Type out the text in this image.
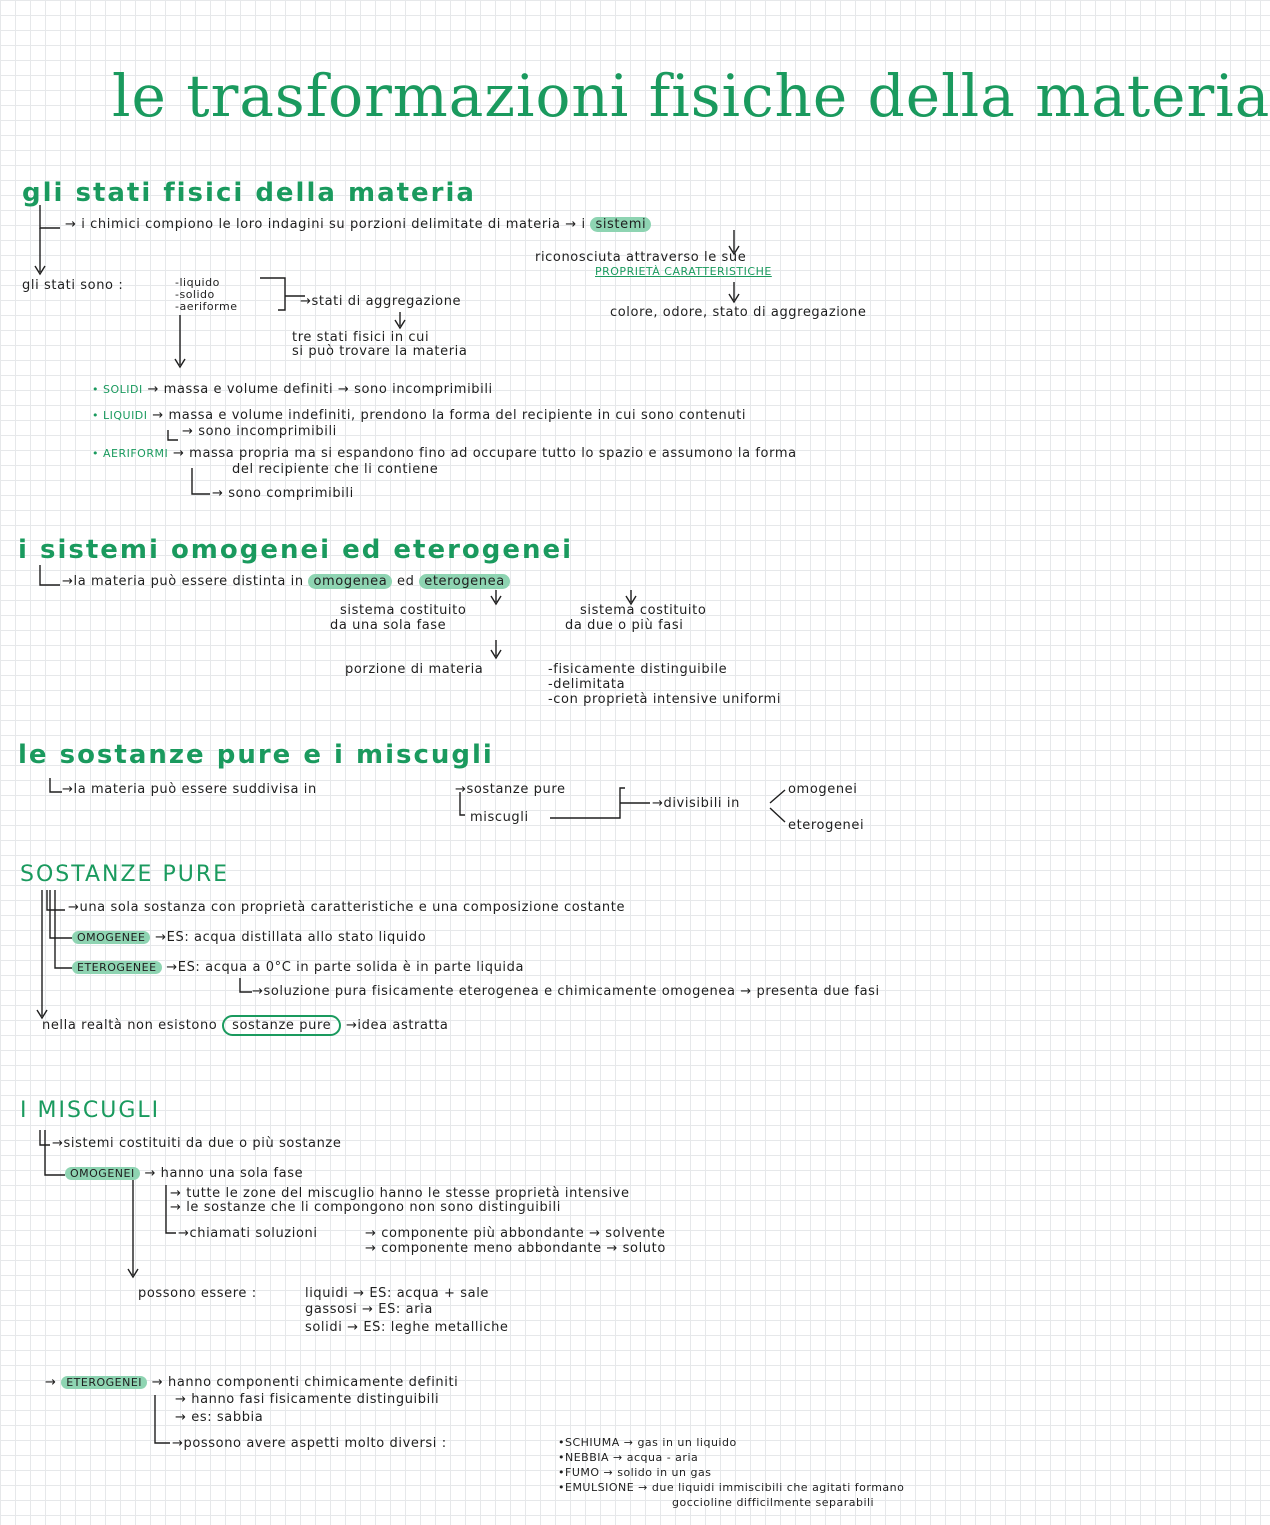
le trasformazioni fisiche della materia
gli stati fisici della materia
→ i chimici compiono le loro indagini su porzioni delimitate di materia → i sistemi
riconosciuta attraverso le sue
PROPRIETÀ CARATTERISTICHE
colore, odore, stato di aggregazione
gli stati sono :	-liquido
-solido
-aeriforme	→stati di aggregazione
tre stati fisici in cui
si può trovare la materia
• SOLIDI → massa e volume definiti → sono incomprimibili
• LIQUIDI → massa e volume indefiniti, prendono la forma del recipiente in cui sono contenuti
→ sono incomprimibili
• AERIFORMI → massa propria ma si espandono fino ad occupare tutto lo spazio e assumono la forma
del recipiente che li contiene
→ sono comprimibili
i sistemi omogenei ed eterogenei
→la materia può essere distinta in omogenea ed eterogenea
sistema costituito
da una sola fase
sistema costituito
da due o più fasi
porzione di materia	-fisicamente distinguibile
-delimitata
-con proprietà intensive uniformi
le sostanze pure e i miscugli
→la materia può essere suddivisa in	→sostanze pure
miscugli
→divisibili in
omogenei
eterogenei
SOSTANZE PURE
→una sola sostanza con proprietà caratteristiche e una composizione costante
OMOGENEE →ES: acqua distillata allo stato liquido
ETEROGENEE →ES: acqua a 0°C in parte solida è in parte liquida
→soluzione pura fisicamente eterogenea e chimicamente omogenea → presenta due fasi
nella realtà non esistono sostanze pure →idea astratta
I MISCUGLI
→sistemi costituiti da due o più sostanze
OMOGENEI → hanno una sola fase
→ tutte le zone del miscuglio hanno le stesse proprietà intensive
→ le sostanze che li compongono non sono distinguibili
→chiamati soluzioni	→ componente più abbondante → solvente
→ componente meno abbondante → soluto
possono essere :	liquidi → ES: acqua + sale
gassosi → ES: aria
solidi → ES: leghe metalliche
→ ETEROGENEI → hanno componenti chimicamente definiti
→ hanno fasi fisicamente distinguibili
→ es: sabbia
→possono avere aspetti molto diversi :	•SCHIUMA → gas in un liquido
•NEBBIA → acqua - aria
•FUMO → solido in un gas
•EMULSIONE → due liquidi immiscibili che agitati formano
goccioline difficilmente separabili
